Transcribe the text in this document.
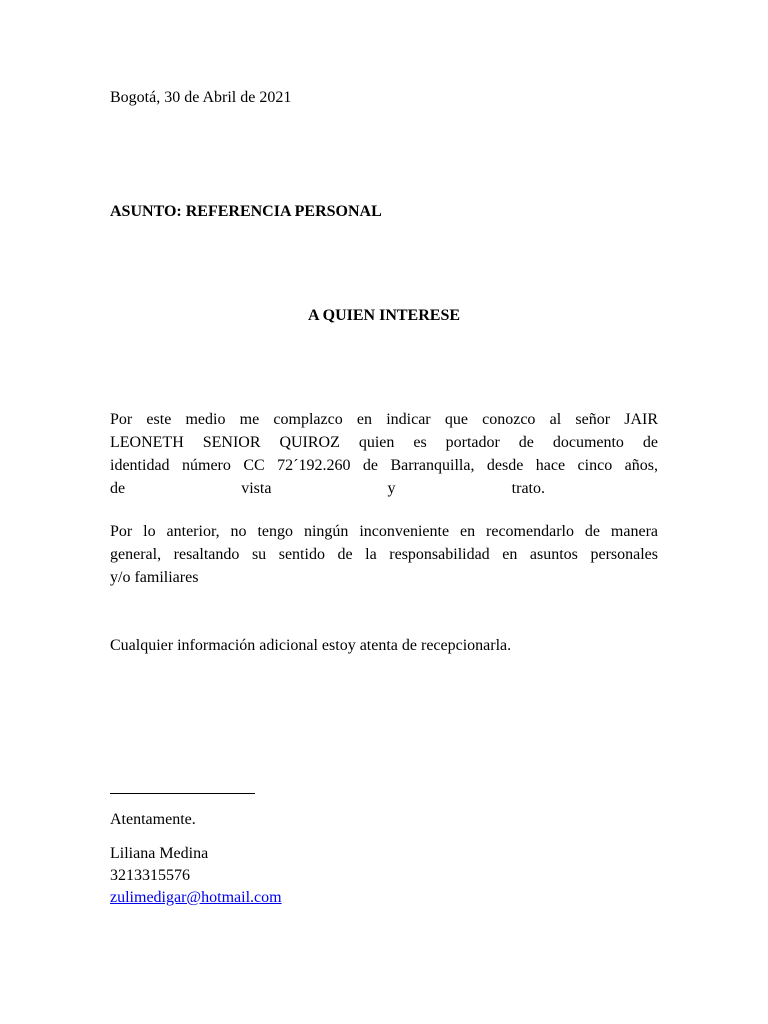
Bogotá, 30 de Abril de 2021

ASUNTO: REFERENCIA PERSONAL

A QUIEN INTERESE

Por este medio me complazco en indicar que conozco al señor JAIR
LEONETH SENIOR QUIROZ quien es portador de documento de
identidad número CC 72´192.260 de Barranquilla, desde hace cinco años,
de vista y trato.
Por lo anterior, no tengo ningún inconveniente en recomendarlo de manera
general, resaltando su sentido de la responsabilidad en asuntos personales
y/o familiares

Cualquier información adicional estoy atenta de recepcionarla.

Atentamente.

Liliana Medina

3213315576

zulimedigar@hotmail.com
